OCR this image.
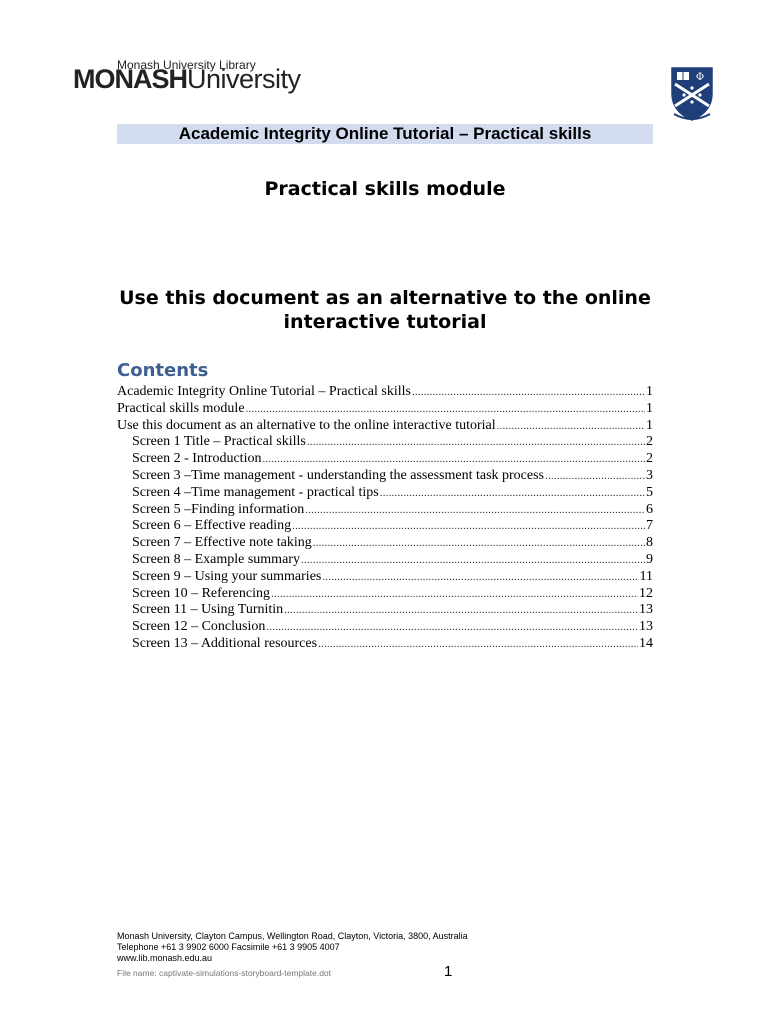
Monash University Library
MONASHUniversity	Φ
Academic Integrity Online Tutorial – Practical skills
Practical skills module
Use this document as an alternative to the online interactive tutorial
Contents
Academic Integrity Online Tutorial – Practical skills .....	1
Practical skills module .....	1
Use this document as an alternative to the online interactive tutorial .....	1
Screen 1 Title – Practical skills .....	2
Screen 2 - Introduction .....	2
Screen 3 –Time management - understanding the assessment task process .....	3
Screen 4 –Time management - practical tips .....	5
Screen 5 –Finding information .....	6
Screen 6 – Effective reading .....	7
Screen 7 – Effective note taking .....	8
Screen 8 – Example summary .....	9
Screen 9 – Using your summaries .....	11
Screen 10 – Referencing .....	12
Screen 11 – Using Turnitin .....	13
Screen 12 – Conclusion .....	13
Screen 13 – Additional resources .....	14
Monash University, Clayton Campus, Wellington Road, Clayton, Victoria, 3800, Australia
Telephone +61 3 9902 6000 Facsimile +61 3 9905 4007
www.lib.monash.edu.au
File name: captivate-simulations-storyboard-template.dot	1
